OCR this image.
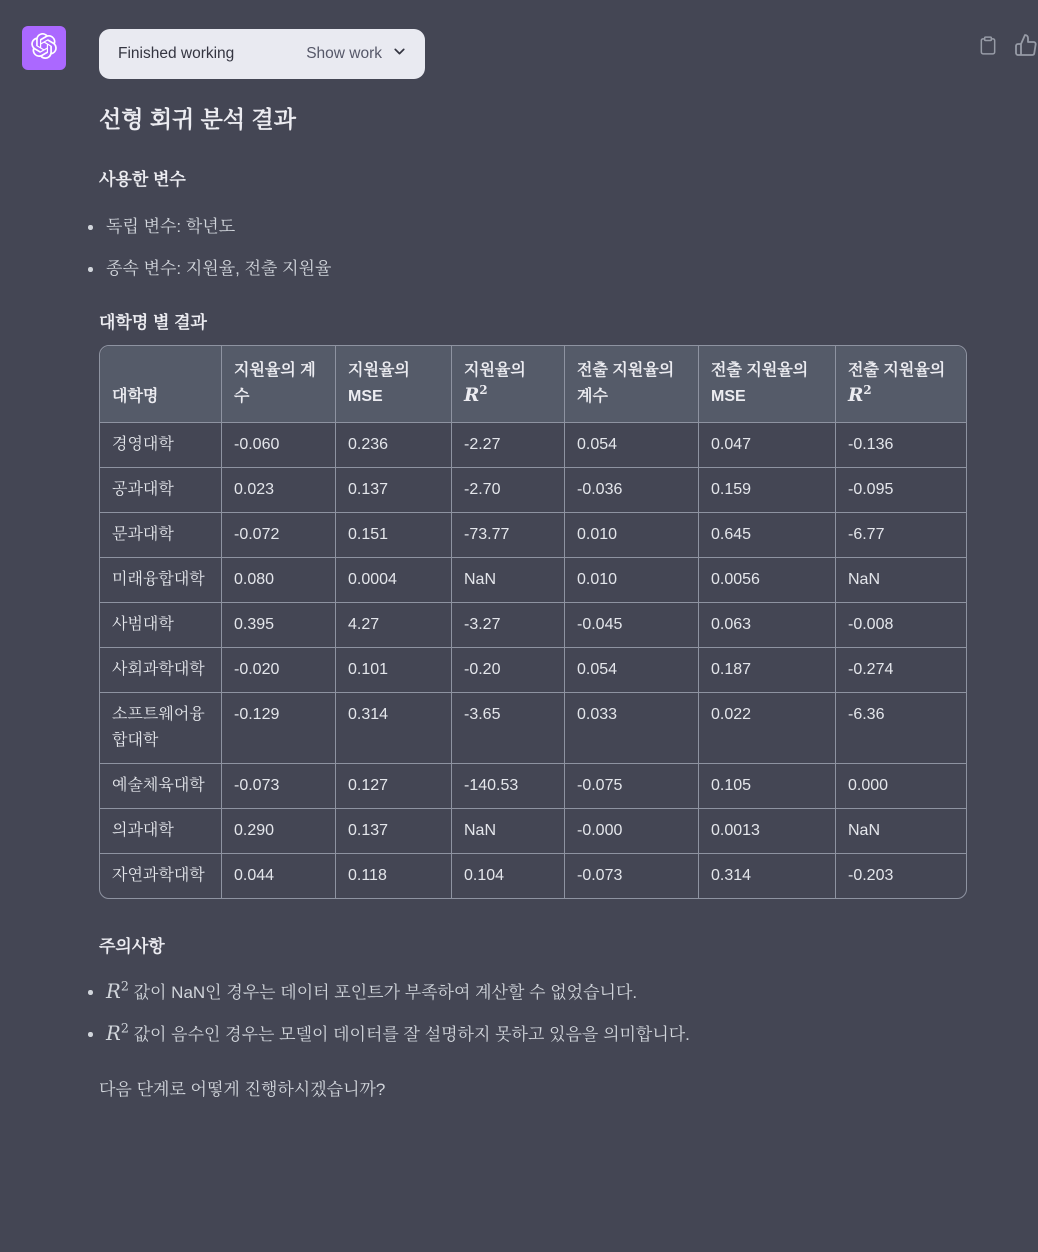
Finished working	Show work
선형 회귀 분석 결과
사용한 변수
독립 변수: 학년도
종속 변수: 지원율, 전출 지원율
대학명 별 결과
대학명	지원율의 계수	지원율의 MSE	지원율의 $R^2$	전출 지원율의 계수	전출 지원율의 MSE	전출 지원율의 $R^2$
경영대학	-0.060	0.236	-2.27	0.054	0.047	-0.136
공과대학	0.023	0.137	-2.70	-0.036	0.159	-0.095
문과대학	-0.072	0.151	-73.77	0.010	0.645	-6.77
미래융합대학	0.080	0.0004	NaN	0.010	0.0056	NaN
사범대학	0.395	4.27	-3.27	-0.045	0.063	-0.008
사회과학대학	-0.020	0.101	-0.20	0.054	0.187	-0.274
소프트웨어융합대학	-0.129	0.314	-3.65	0.033	0.022	-6.36
예술체육대학	-0.073	0.127	-140.53	-0.075	0.105	0.000
의과대학	0.290	0.137	NaN	-0.000	0.0013	NaN
자연과학대학	0.044	0.118	0.104	-0.073	0.314	-0.203
주의사항
$R^2$ 값이 NaN인 경우는 데이터 포인트가 부족하여 계산할 수 없었습니다.
$R^2$ 값이 음수인 경우는 모델이 데이터를 잘 설명하지 못하고 있음을 의미합니다.

다음 단계로 어떻게 진행하시겠습니까?
